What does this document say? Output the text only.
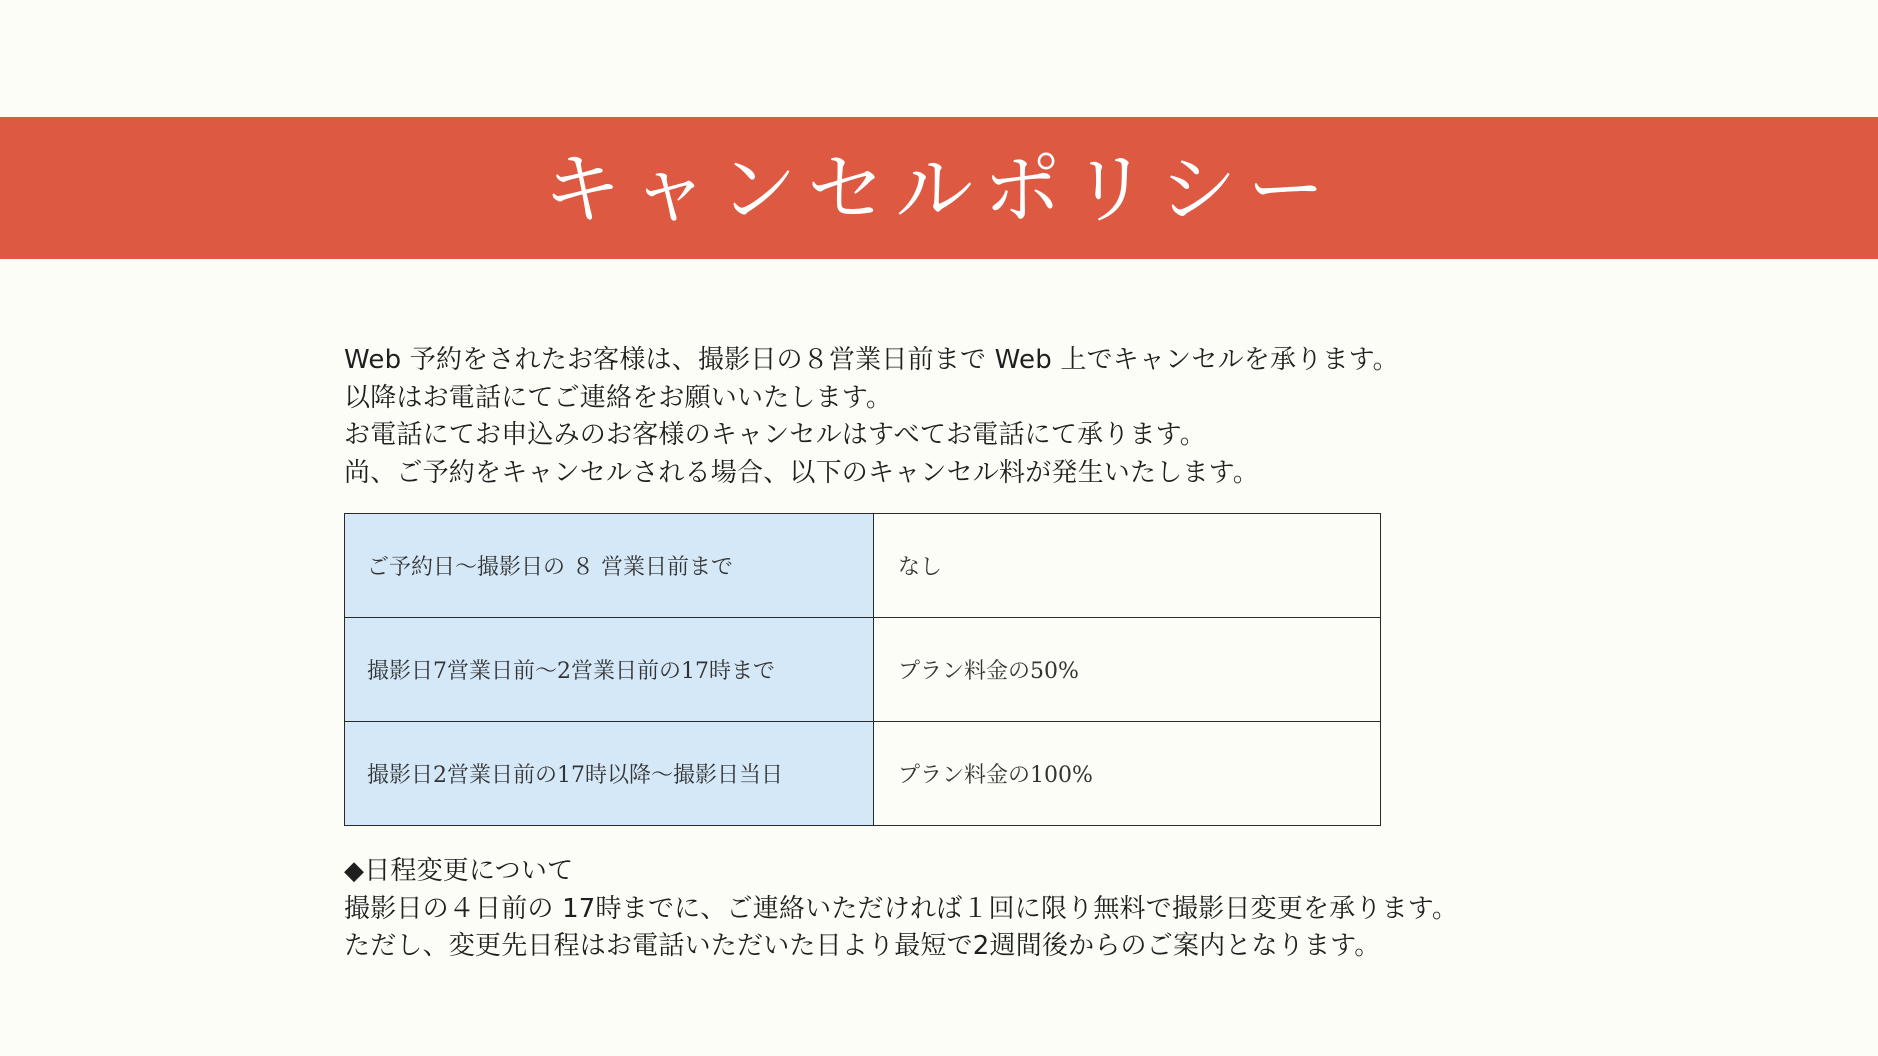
キャンセルポリシー
Web 予約をされたお客様は、撮影日の８営業日前まで Web 上でキャンセルを承ります。
以降はお電話にてご連絡をお願いいたします。
お電話にてお申込みのお客様のキャンセルはすべてお電話にて承ります。
尚、ご予約をキャンセルされる場合、以下のキャンセル料が発生いたします。
ご予約日～撮影日の ８ 営業日前まで	なし
撮影日7営業日前～2営業日前の17時まで	プラン料金の50%
撮影日2営業日前の17時以降～撮影日当日	プラン料金の100%
◆日程変更について
撮影日の４日前の 17時までに、ご連絡いただければ１回に限り無料で撮影日変更を承ります。
ただし、変更先日程はお電話いただいた日より最短で2週間後からのご案内となります。
